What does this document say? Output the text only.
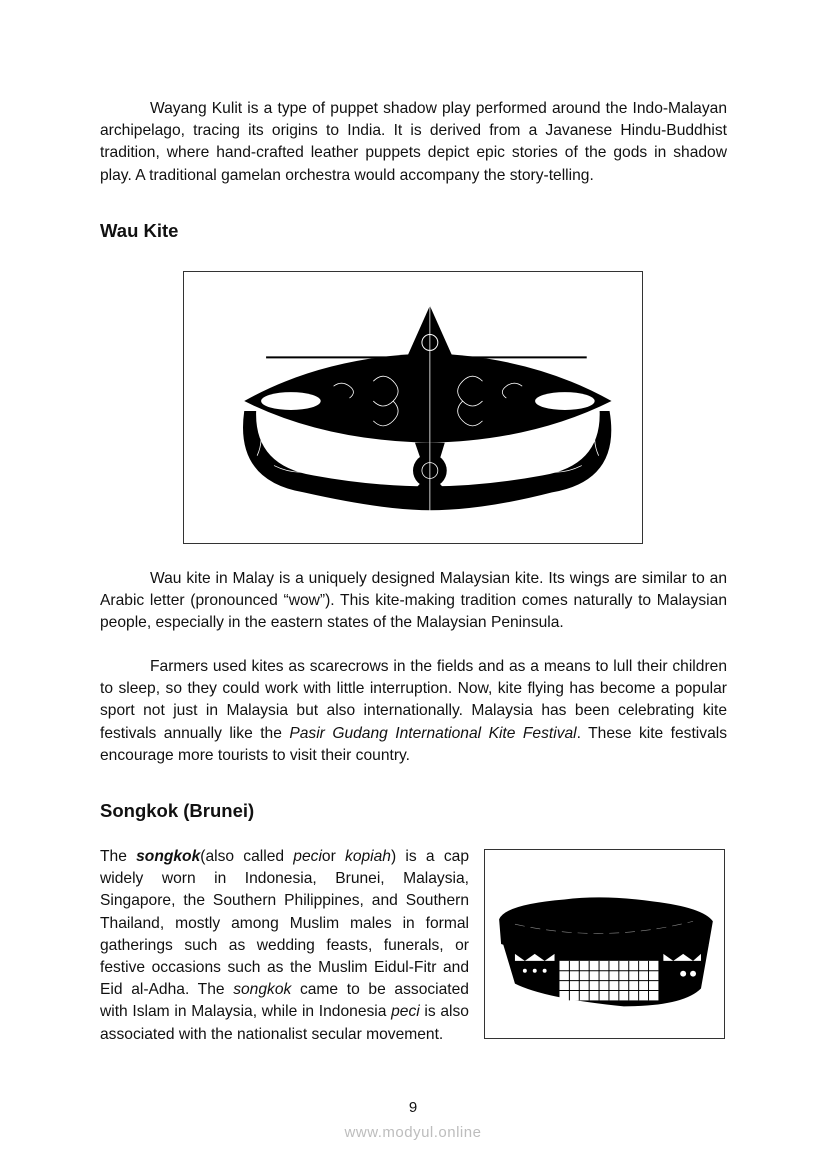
Wayang Kulit is a type of puppet shadow play performed around the Indo-Malayan archipelago, tracing its origins to India. It is derived from a Javanese Hindu-Buddhist tradition, where hand-crafted leather puppets depict epic stories of the gods in shadow play. A traditional gamelan orchestra would accompany the story-telling.

Wau Kite

Wau kite in Malay is a uniquely designed Malaysian kite. Its wings are similar to an Arabic letter (pronounced “wow”). This kite-making tradition comes naturally to Malaysian people, especially in the eastern states of the Malaysian Peninsula.

Farmers used kites as scarecrows in the fields and as a means to lull their children to sleep, so they could work with little interruption. Now, kite flying has become a popular sport not just in Malaysia but also internationally. Malaysia has been celebrating kite festivals annually like the Pasir Gudang International Kite Festival. These kite festivals encourage more tourists to visit their country.

Songkok (Brunei)

The songkok(also called pecior kopiah) is a cap widely worn in Indonesia, Brunei, Malaysia, Singapore, the Southern Philippines, and Southern Thailand, mostly among Muslim males in formal gatherings such as wedding feasts, funerals, or festive occasions such as the Muslim Eidul-Fitr and Eid al-Adha. The songkok came to be associated with Islam in Malaysia, while in Indonesia peci is also associated with the nationalist secular movement.

9
www.modyul.online
